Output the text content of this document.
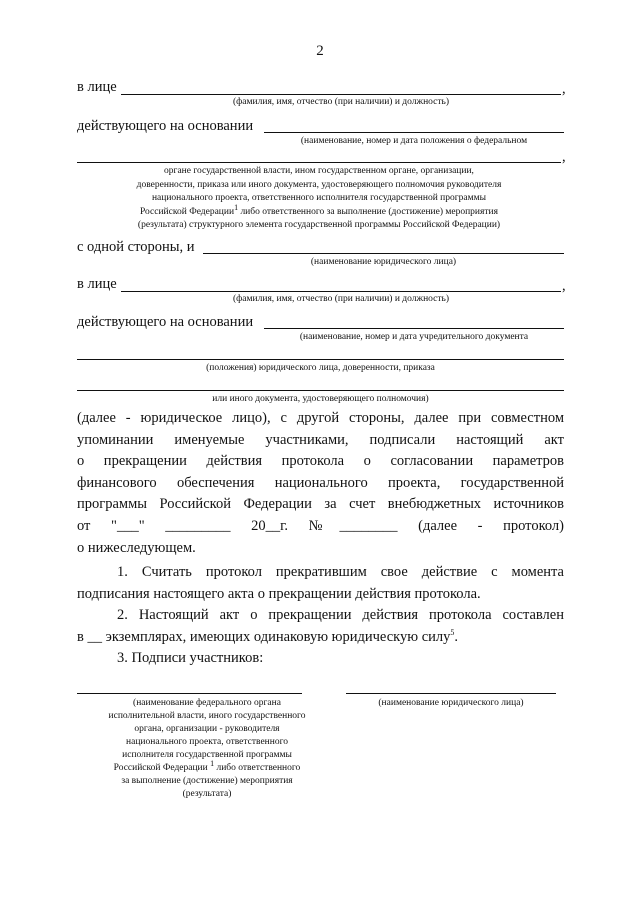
2
в лице	,
(фамилия, имя, отчество (при наличии) и должность)
действующего на основании
(наименование, номер и дата положения о федеральном
,
органе государственной власти, ином государственном органе, организации,
доверенности, приказа или иного документа, удостоверяющего полномочия руководителя
национального проекта, ответственного исполнителя государственной программы
Российской Федерации$^1$ либо ответственного за выполнение (достижение) мероприятия
(результата) структурного элемента государственной программы Российской Федерации)
с одной стороны, и
(наименование юридического лица)
в лице	,
(фамилия, имя, отчество (при наличии) и должность)
действующего на основании
(наименование, номер и дата учредительного документа
(положения) юридического лица, доверенности, приказа
или иного документа, удостоверяющего полномочия)
(далее - юридическое лицо), с другой стороны, далее при совместном
упоминании именуемые участниками, подписали настоящий акт
о прекращении действия протокола о согласовании параметров
финансового обеспечения национального проекта, государственной
программы Российской Федерации за счет внебюджетных источников
от "___" _________ 20__г. №________ (далее - протокол)
о нижеследующем.
1. Считать протокол прекратившим свое действие с момента
подписания настоящего акта о прекращении действия протокола.
2. Настоящий акт о прекращении действия протокола составлен
в __ экземплярах, имеющих одинаковую юридическую силу$^5$.
3. Подписи участников:
(наименование федерального органа
исполнительной власти, иного государственного
органа, организации - руководителя
национального проекта, ответственного
исполнителя государственной программы
Российской Федерации $^1$ либо ответственного
за выполнение (достижение) мероприятия
(результата)
(наименование юридического лица)
